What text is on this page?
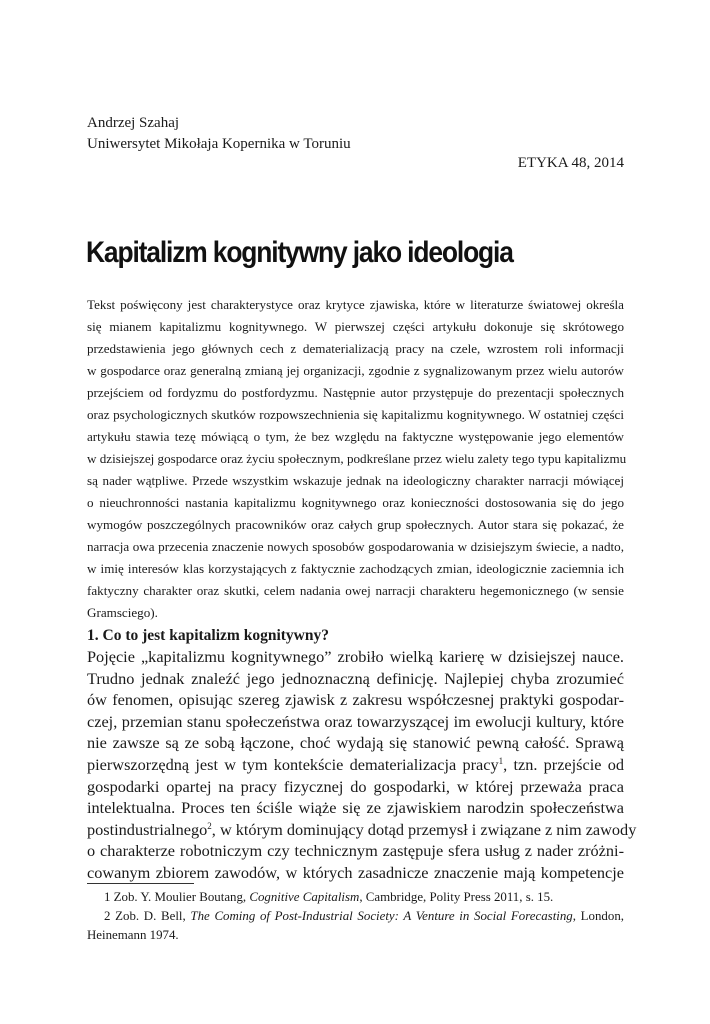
Andrzej Szahaj
Uniwersytet Mikołaja Kopernika w Toruniu
ETYKA 48, 2014
Kapitalizm kognitywny jako ideologia

Tekst poświęcony jest charakterystyce oraz krytyce zjawiska, które w literaturze światowej określa
się mianem kapitalizmu kognitywnego. W pierwszej części artykułu dokonuje się skrótowego
przedstawienia jego głównych cech z dematerializacją pracy na czele, wzrostem roli informacji
w gospodarce oraz generalną zmianą jej organizacji, zgodnie z sygnalizowanym przez wielu autorów
przejściem od fordyzmu do postfordyzmu. Następnie autor przystępuje do prezentacji społecznych
oraz psychologicznych skutków rozpowszechnienia się kapitalizmu kognitywnego. W ostatniej części
artykułu stawia tezę mówiącą o tym, że bez względu na faktyczne występowanie jego elementów
w dzisiejszej gospodarce oraz życiu społecznym, podkreślane przez wielu zalety tego typu kapitalizmu
są nader wątpliwe. Przede wszystkim wskazuje jednak na ideologiczny charakter narracji mówiącej
o nieuchronności nastania kapitalizmu kognitywnego oraz konieczności dostosowania się do jego
wymogów poszczególnych pracowników oraz całych grup społecznych. Autor stara się pokazać, że
narracja owa przecenia znaczenie nowych sposobów gospodarowania w dzisiejszym świecie, a nadto,
w imię interesów klas korzystających z faktycznie zachodzących zmian, ideologicznie zaciemnia ich
faktyczny charakter oraz skutki, celem nadania owej narracji charakteru hegemonicznego (w sensie
Gramsciego).

1. Co to jest kapitalizm kognitywny?

Pojęcie „kapitalizmu kognitywnego” zrobiło wielką karierę w dzisiejszej nauce.
Trudno jednak znaleźć jego jednoznaczną definicję. Najlepiej chyba zrozumieć
ów fenomen, opisując szereg zjawisk z zakresu współczesnej praktyki gospodar-
czej, przemian stanu społeczeństwa oraz towarzyszącej im ewolucji kultury, które
nie zawsze są ze sobą łączone, choć wydają się stanowić pewną całość. Sprawą
pierwszorzędną jest w tym kontekście dematerializacja pracy$^1$, tzn. przejście od
gospodarki opartej na pracy fizycznej do gospodarki, w której przeważa praca
intelektualna. Proces ten ściśle wiąże się ze zjawiskiem narodzin społeczeństwa
postindustrialnego$^2$, w którym dominujący dotąd przemysł i związane z nim zawody
o charakterze robotniczym czy technicznym zastępuje sfera usług z nader zróżni-
cowanym zbiorem zawodów, w których zasadnicze znaczenie mają kompetencje

1 Zob. Y. Moulier Boutang, Cognitive Capitalism, Cambridge, Polity Press 2011, s. 15.
2 Zob. D. Bell, The Coming of Post-Industrial Society: A Venture in Social Forecasting, London,
Heinemann 1974.
